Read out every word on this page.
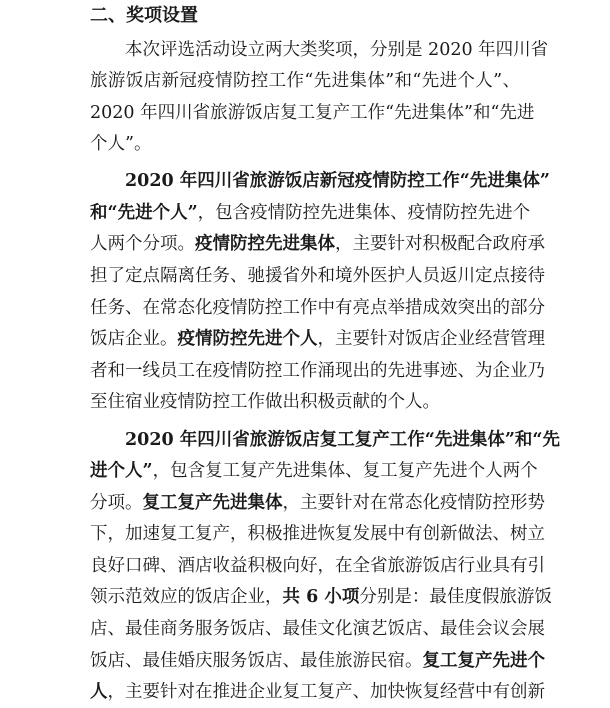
二、奖项设置
　　本次评选活动设立两大类奖项，分别是 2020 年四川省
旅游饭店新冠疫情防控工作“先进集体”和“先进个人”、
2020 年四川省旅游饭店复工复产工作“先进集体”和“先进
个人”。
　　2020 年四川省旅游饭店新冠疫情防控工作“先进集体”
和“先进个人”，包含疫情防控先进集体、疫情防控先进个
人两个分项。疫情防控先进集体，主要针对积极配合政府承
担了定点隔离任务、驰援省外和境外医护人员返川定点接待
任务、在常态化疫情防控工作中有亮点举措成效突出的部分
饭店企业。疫情防控先进个人，主要针对饭店企业经营管理
者和一线员工在疫情防控工作涌现出的先进事迹、为企业乃
至住宿业疫情防控工作做出积极贡献的个人。
　　2020 年四川省旅游饭店复工复产工作“先进集体”和“先
进个人”，包含复工复产先进集体、复工复产先进个人两个
分项。复工复产先进集体，主要针对在常态化疫情防控形势
下，加速复工复产，积极推进恢复发展中有创新做法、树立
良好口碑、酒店收益积极向好，在全省旅游饭店行业具有引
领示范效应的饭店企业，共 6 小项分别是：最佳度假旅游饭
店、最佳商务服务饭店、最佳文化演艺饭店、最佳会议会展
饭店、最佳婚庆服务饭店、最佳旅游民宿。复工复产先进个
人，主要针对在推进企业复工复产、加快恢复经营中有创新
